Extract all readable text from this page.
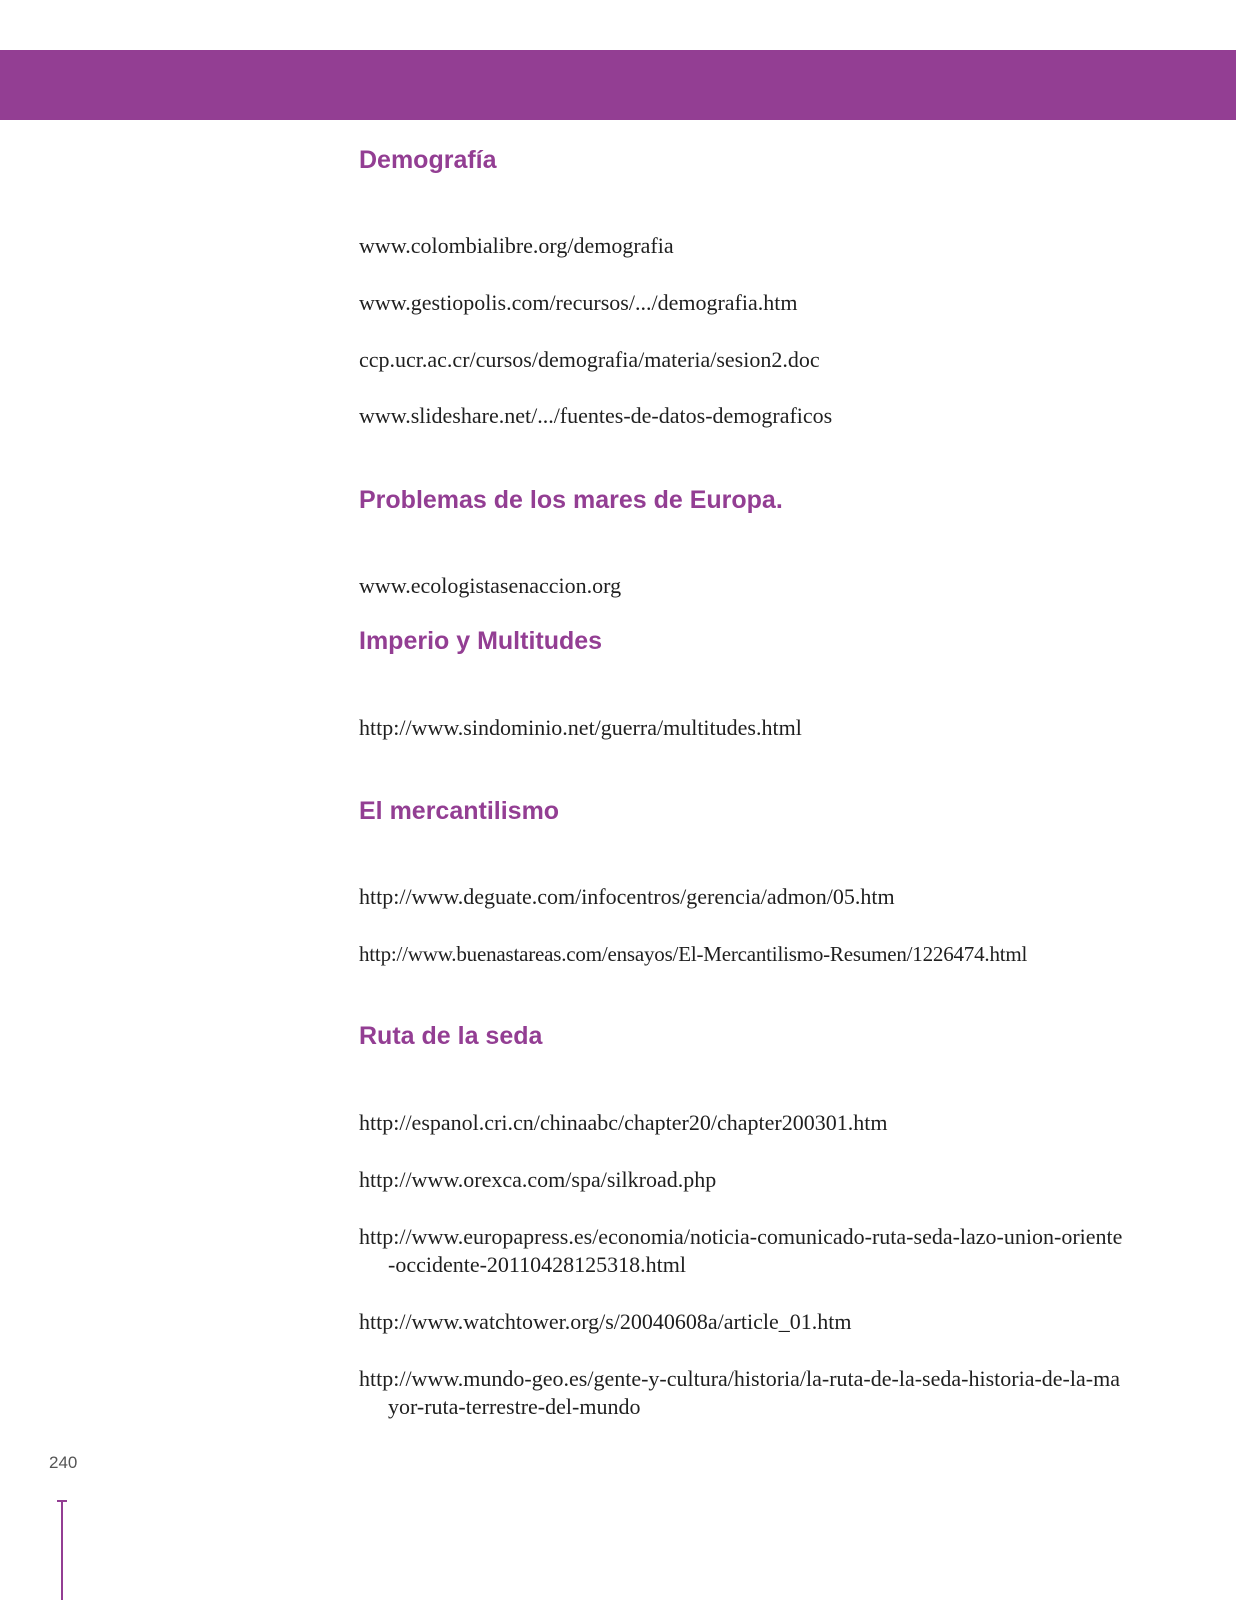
Demografía

www.colombialibre.org/demografia

www.gestiopolis.com/recursos/.../demografia.htm

ccp.ucr.ac.cr/cursos/demografia/materia/sesion2.doc

www.slideshare.net/.../fuentes-de-datos-demograficos

Problemas de los mares de Europa.

www.ecologistasenaccion.org

Imperio y Multitudes

http://www.sindominio.net/guerra/multitudes.html

El mercantilismo

http://www.deguate.com/infocentros/gerencia/admon/05.htm

http://www.buenastareas.com/ensayos/El-Mercantilismo-Resumen/1226474.html

Ruta de la seda

http://espanol.cri.cn/chinaabc/chapter20/chapter200301.htm

http://www.orexca.com/spa/silkroad.php

http://www.europapress.es/economia/noticia-comunicado-ruta-seda-lazo-union-oriente-occidente-20110428125318.html

http://www.watchtower.org/s/20040608a/article_01.htm

http://www.mundo-geo.es/gente-y-cultura/historia/la-ruta-de-la-seda-historia-de-la-mayor-ruta-terrestre-del-mundo

240
